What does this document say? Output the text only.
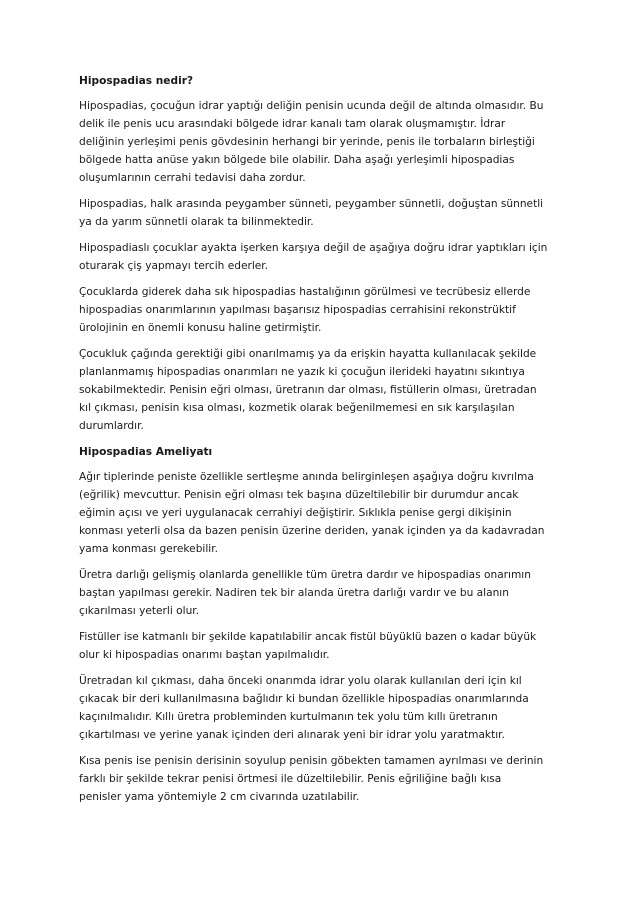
Hipospadias nedir?
Hipospadias, çocuğun idrar yaptığı deliğin penisin ucunda değil de altında olmasıdır. Bu
delik ile penis ucu arasındaki bölgede idrar kanalı tam olarak oluşmamıştır. İdrar
deliğinin yerleşimi penis gövdesinin herhangi bir yerinde, penis ile torbaların birleştiği
bölgede hatta anüse yakın bölgede bile olabilir. Daha aşağı yerleşimli hipospadias
oluşumlarının cerrahi tedavisi daha zordur.
Hipospadias, halk arasında peygamber sünneti, peygamber sünnetli, doğuştan sünnetli
ya da yarım sünnetli olarak ta bilinmektedir.
Hipospadiaslı çocuklar ayakta işerken karşıya değil de aşağıya doğru idrar yaptıkları için
oturarak çiş yapmayı tercih ederler.
Çocuklarda giderek daha sık hipospadias hastalığının görülmesi ve tecrübesiz ellerde
hipospadias onarımlarının yapılması başarısız hipospadias cerrahisini rekonstrüktif
ürolojinin en önemli konusu haline getirmiştir.
Çocukluk çağında gerektiği gibi onarılmamış ya da erişkin hayatta kullanılacak şekilde
planlanmamış hipospadias onarımları ne yazık ki çocuğun ilerideki hayatını sıkıntıya
sokabilmektedir. Penisin eğri olması, üretranın dar olması, fistüllerin olması, üretradan
kıl çıkması, penisin kısa olması, kozmetik olarak beğenilmemesi en sık karşılaşılan
durumlardır.
Hipospadias Ameliyatı
Ağır tiplerinde peniste özellikle sertleşme anında belirginleşen aşağıya doğru kıvrılma
(eğrilik) mevcuttur. Penisin eğri olması tek başına düzeltilebilir bir durumdur ancak
eğimin açısı ve yeri uygulanacak cerrahiyi değiştirir. Sıklıkla penise gergi dikişinin
konması yeterli olsa da bazen penisin üzerine deriden, yanak içinden ya da kadavradan
yama konması gerekebilir.
Üretra darlığı gelişmiş olanlarda genellikle tüm üretra dardır ve hipospadias onarımın
baştan yapılması gerekir. Nadiren tek bir alanda üretra darlığı vardır ve bu alanın
çıkarılması yeterli olur.
Fistüller ise katmanlı bir şekilde kapatılabilir ancak fistül büyüklü bazen o kadar büyük
olur ki hipospadias onarımı baştan yapılmalıdır.
Üretradan kıl çıkması, daha önceki onarımda idrar yolu olarak kullanılan deri için kıl
çıkacak bir deri kullanılmasına bağlıdır ki bundan özellikle hipospadias onarımlarında
kaçınılmalıdır. Kıllı üretra probleminden kurtulmanın tek yolu tüm kıllı üretranın
çıkartılması ve yerine yanak içinden deri alınarak yeni bir idrar yolu yaratmaktır.
Kısa penis ise penisin derisinin soyulup penisin göbekten tamamen ayrılması ve derinin
farklı bir şekilde tekrar penisi örtmesi ile düzeltilebilir. Penis eğriliğine bağlı kısa
penisler yama yöntemiyle 2 cm civarında uzatılabilir.
